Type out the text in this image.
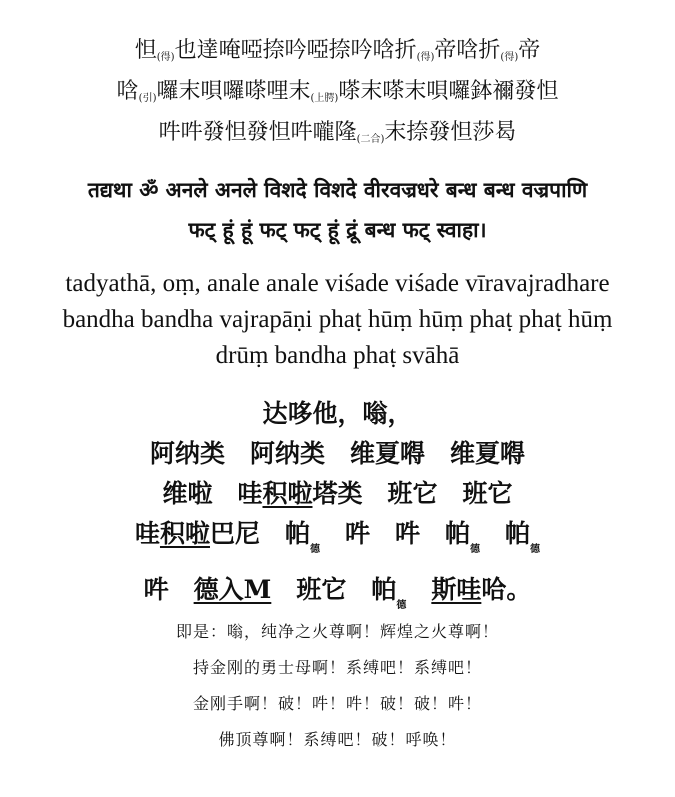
怛$_{(得)}$也達唵啞捺吟啞捺吟唅折$_{(得)}$帝唅折$_{(得)}$帝
唅$_{(引)}$囉末唄囉嗏哩末$_{(上腭)}$嗏末嗏末唄囉鉢禰發怛
吽吽發怛發怛吽嚨隆$_{(二合)}$末捺發怛莎曷
तद्यथा ॐ अनले अनले विशदे विशदे वीरवज्रधरे बन्ध बन्ध वज्रपाणि
फट् हूं हूं फट् फट् हूं द्रूं बन्ध फट् स्वाहा।
tadyathā, oṃ, anale anale viśade viśade vīravajradhare
bandha bandha vajrapāṇi phaṭ hūṃ hūṃ phaṭ phaṭ hūṃ
drūṃ bandha phaṭ svāhā
达哆他，嗡，
阿纳类　阿纳类　维夏嘚　维夏嘚
维啦　哇积啦塔类　班它　班它
哇积啦巴尼　帕$_德$　吽　吽　帕$_德$　帕$_德$
吽　德入M　班它　帕$_德$　斯哇哈。
即是：嗡，纯净之火尊啊！辉煌之火尊啊！
持金刚的勇士母啊！系缚吧！系缚吧！
金刚手啊！破！吽！吽！破！破！吽！
佛顶尊啊！系缚吧！破！呼唤！
